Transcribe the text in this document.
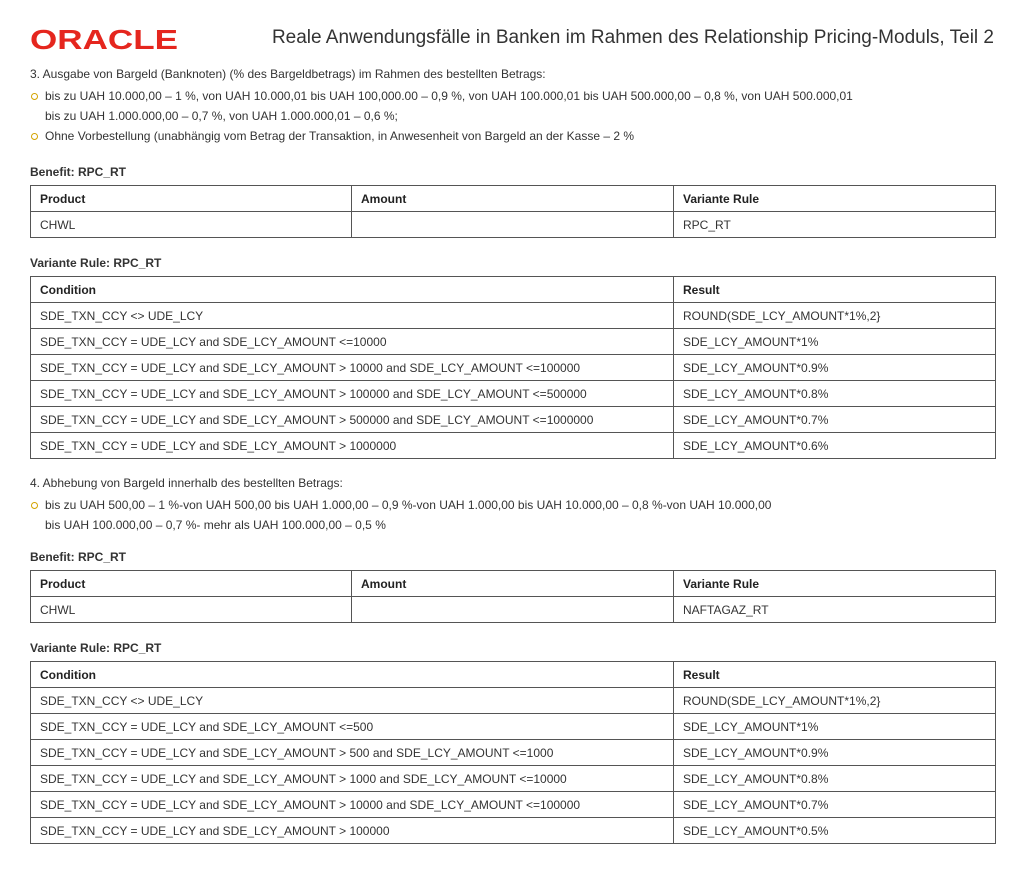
ORACLE	Reale Anwendungsfälle in Banken im Rahmen des Relationship Pricing-Moduls, Teil 2

3. Ausgabe von Bargeld (Banknoten) (% des Bargeldbetrags) im Rahmen des bestellten Betrags:

bis zu UAH 10.000,00 – 1 %, von UAH 10.000,01 bis UAH 100,000.00 – 0,9 %, von UAH 100.000,01 bis UAH 500.000,00 – 0,8 %, von UAH 500.000,01
bis zu UAH 1.000.000,00 – 0,7 %, von UAH 1.000.000,01 – 0,6 %;
Ohne Vorbestellung (unabhängig vom Betrag der Transaktion, in Anwesenheit von Bargeld an der Kasse – 2 %

Benefit: RPC_RT

Product	Amount	Variante Rule
CHWL		RPC_RT

Variante Rule: RPC_RT

Condition	Result
SDE_TXN_CCY <> UDE_LCY	ROUND(SDE_LCY_AMOUNT*1%,2}
SDE_TXN_CCY = UDE_LCY and SDE_LCY_AMOUNT <=10000	SDE_LCY_AMOUNT*1%
SDE_TXN_CCY = UDE_LCY and SDE_LCY_AMOUNT > 10000 and SDE_LCY_AMOUNT <=100000	SDE_LCY_AMOUNT*0.9%
SDE_TXN_CCY = UDE_LCY and SDE_LCY_AMOUNT > 100000 and SDE_LCY_AMOUNT <=500000	SDE_LCY_AMOUNT*0.8%
SDE_TXN_CCY = UDE_LCY and SDE_LCY_AMOUNT > 500000 and SDE_LCY_AMOUNT <=1000000	SDE_LCY_AMOUNT*0.7%
SDE_TXN_CCY = UDE_LCY and SDE_LCY_AMOUNT > 1000000	SDE_LCY_AMOUNT*0.6%

4. Abhebung von Bargeld innerhalb des bestellten Betrags:

bis zu UAH 500,00 – 1 %-von UAH 500,00 bis UAH 1.000,00 – 0,9 %-von UAH 1.000,00 bis UAH 10.000,00 – 0,8 %-von UAH 10.000,00
bis UAH 100.000,00 – 0,7 %- mehr als UAH 100.000,00 – 0,5 %

Benefit: RPC_RT

Product	Amount	Variante Rule
CHWL		NAFTAGAZ_RT

Variante Rule: RPC_RT

Condition	Result
SDE_TXN_CCY <> UDE_LCY	ROUND(SDE_LCY_AMOUNT*1%,2}
SDE_TXN_CCY = UDE_LCY and SDE_LCY_AMOUNT <=500	SDE_LCY_AMOUNT*1%
SDE_TXN_CCY = UDE_LCY and SDE_LCY_AMOUNT > 500 and SDE_LCY_AMOUNT <=1000	SDE_LCY_AMOUNT*0.9%
SDE_TXN_CCY = UDE_LCY and SDE_LCY_AMOUNT > 1000 and SDE_LCY_AMOUNT <=10000	SDE_LCY_AMOUNT*0.8%
SDE_TXN_CCY = UDE_LCY and SDE_LCY_AMOUNT > 10000 and SDE_LCY_AMOUNT <=100000	SDE_LCY_AMOUNT*0.7%
SDE_TXN_CCY = UDE_LCY and SDE_LCY_AMOUNT > 100000	SDE_LCY_AMOUNT*0.5%
